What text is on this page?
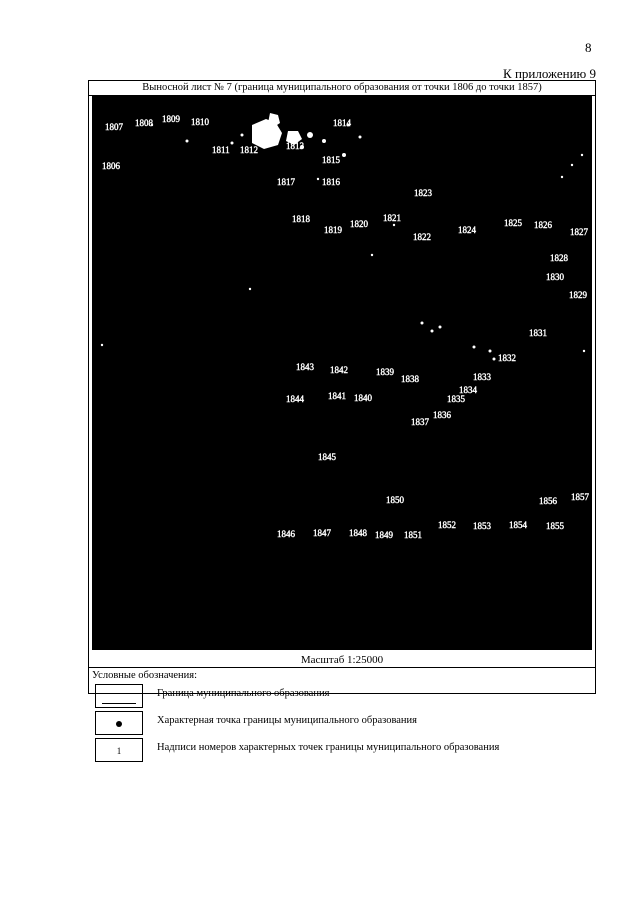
8
К приложению 9
Выносной лист № 7 (граница муниципального образования от точки 1806 до точки 1857)
1807 1808 1809 1810
1806
1811 1812	1813
1814
1815
1817	1816
1823
1818
1819
1820
1821
1822
1824
1825 1826
1827
1828
1830
1829
1831
1832
1843 1842	1839
1838	1833
1834
1835
1836
1837
1844	1841 1840
1845
1850	1856 1857
1846 1847 1848 1849 1851
1852 1853 1854 1855
Масштаб 1:25000
Условные обозначения:
Граница муниципального образования
Характерная точка границы муниципального образования
1	Надписи номеров характерных точек границы муниципального образования
